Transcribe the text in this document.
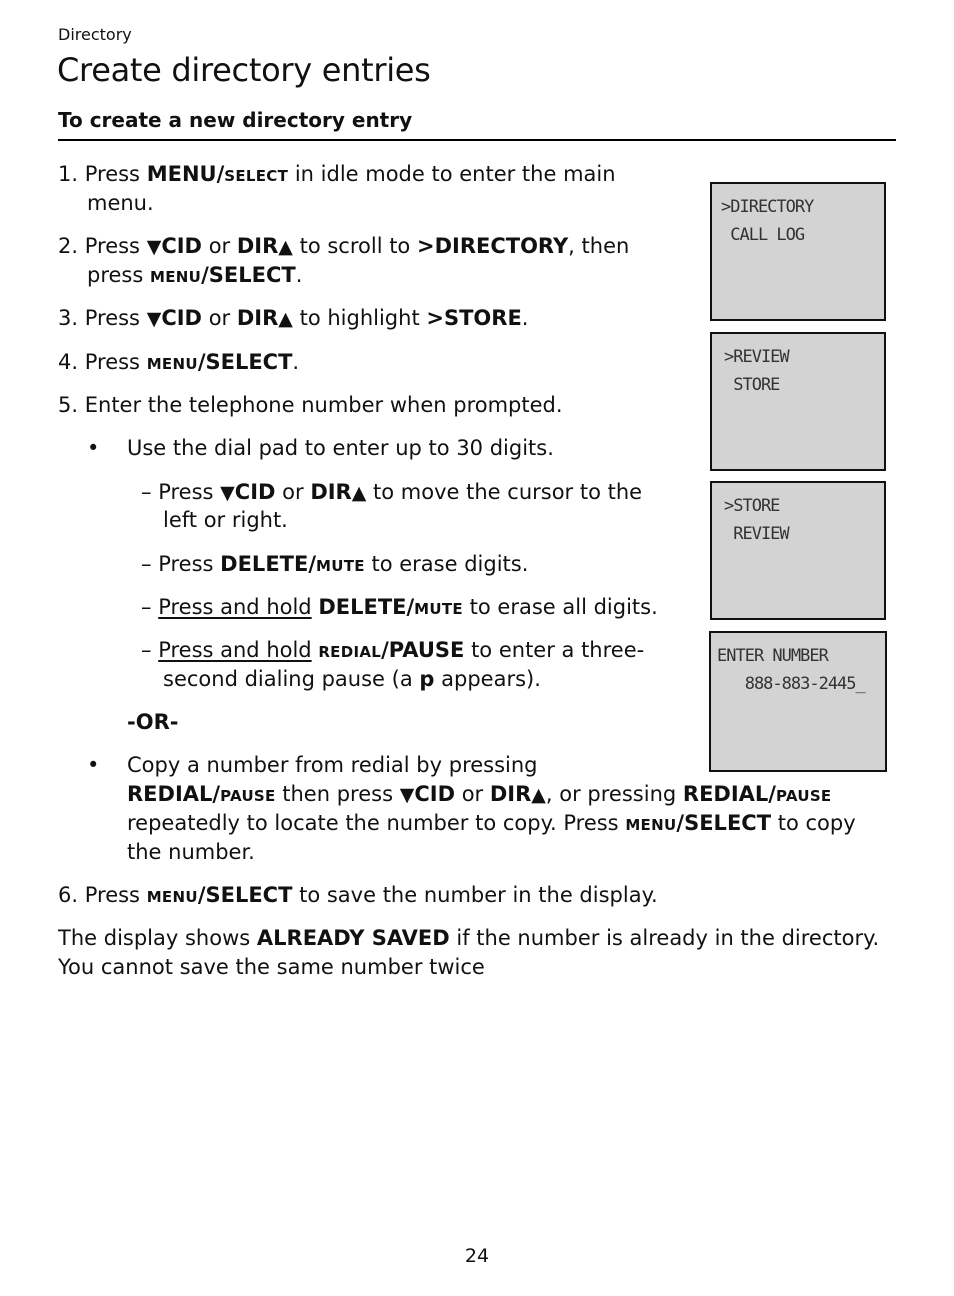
Directory
Create directory entries
To create a new directory entry
1. Press MENU/SELECT in idle mode to enter the main
menu.
2. Press ▼CID or DIR▲ to scroll to >DIRECTORY, then
press MENU/SELECT.
3. Press ▼CID or DIR▲ to highlight >STORE.
4. Press MENU/SELECT.
5. Enter the telephone number when prompted.
• Use the dial pad to enter up to 30 digits.
– Press ▼CID or DIR▲ to move the cursor to the
left or right.
– Press DELETE/MUTE to erase digits.
– Press and hold DELETE/MUTE to erase all digits.
– Press and hold REDIAL/PAUSE to enter a three-
second dialing pause (a p appears).
-OR-
• Copy a number from redial by pressing
REDIAL/PAUSE then press ▼CID or DIR▲, or pressing REDIAL/PAUSE
repeatedly to locate the number to copy. Press MENU/SELECT to copy
the number.
6. Press MENU/SELECT to save the number in the display.
The display shows ALREADY SAVED if the number is already in the directory.
You cannot save the same number twice
>DIRECTORY
CALL LOG
>REVIEW
STORE
>STORE
REVIEW
ENTER NUMBER
888-883-2445_
24
